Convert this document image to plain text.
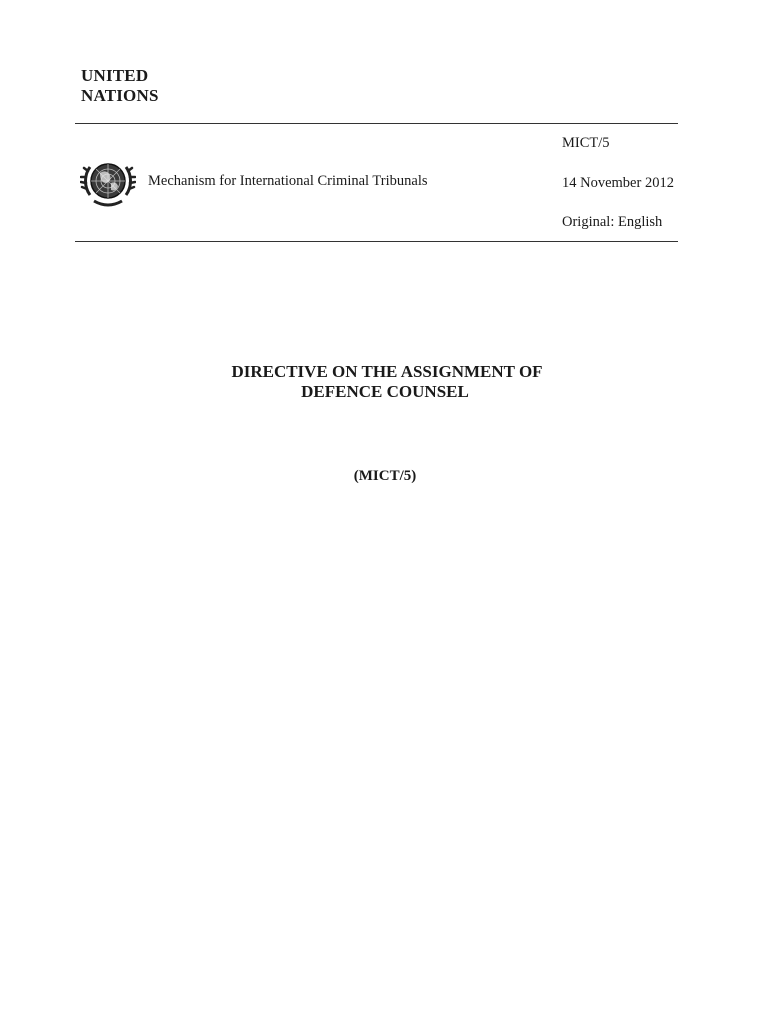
UNITED
NATIONS
Mechanism for International Criminal Tribunals
MICT/5
14 November 2012
Original: English
DIRECTIVE ON THE ASSIGNMENT OF
DEFENCE COUNSEL
(MICT/5)
